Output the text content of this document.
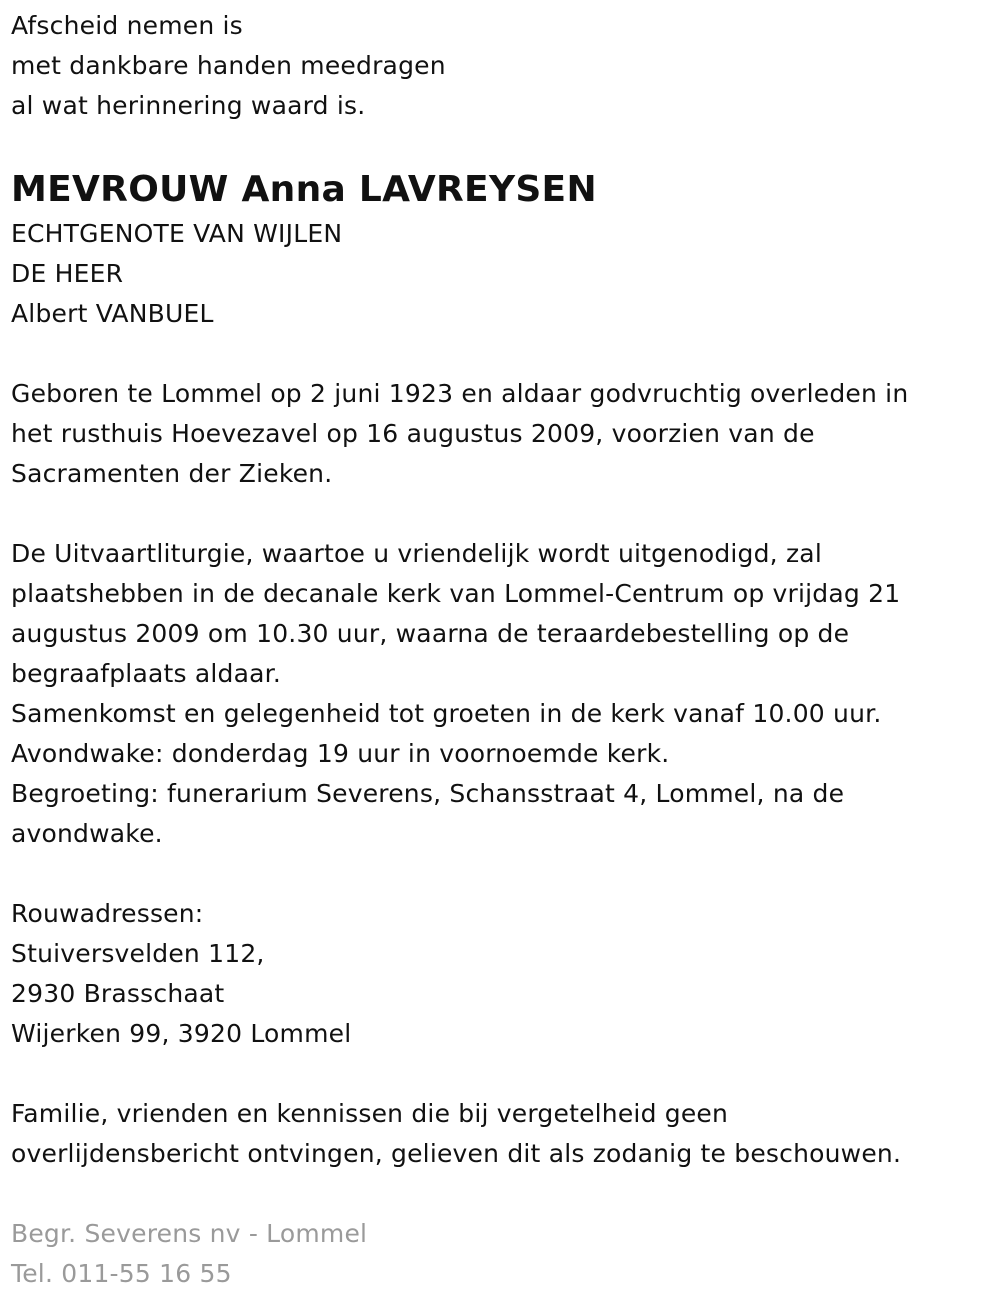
Afscheid nemen is
met dankbare handen meedragen
al wat herinnering waard is.
MEVROUW Anna LAVREYSEN
ECHTGENOTE VAN WIJLEN
DE HEER
Albert VANBUEL
Geboren te Lommel op 2 juni 1923 en aldaar godvruchtig overleden in
het rusthuis Hoevezavel op 16 augustus 2009, voorzien van de
Sacramenten der Zieken.
De Uitvaartliturgie, waartoe u vriendelijk wordt uitgenodigd, zal
plaatshebben in de decanale kerk van Lommel-Centrum op vrijdag 21
augustus 2009 om 10.30 uur, waarna de teraardebestelling op de
begraafplaats aldaar.
Samenkomst en gelegenheid tot groeten in de kerk vanaf 10.00 uur.
Avondwake: donderdag 19 uur in voornoemde kerk.
Begroeting: funerarium Severens, Schansstraat 4, Lommel, na de
avondwake.
Rouwadressen:
Stuiversvelden 112,
2930 Brasschaat
Wijerken 99, 3920 Lommel
Familie, vrienden en kennissen die bij vergetelheid geen
overlijdensbericht ontvingen, gelieven dit als zodanig te beschouwen.
Begr. Severens nv - Lommel
Tel. 011-55 16 55
